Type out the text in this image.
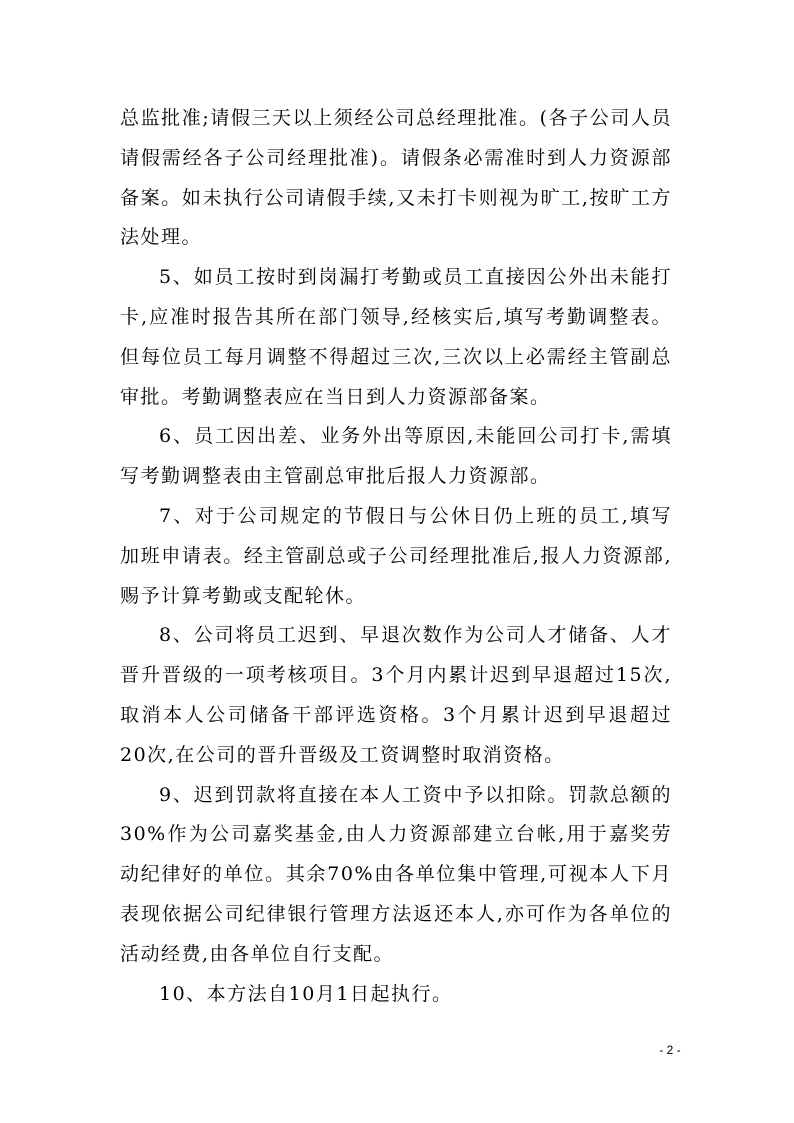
总监批准;请假三天以上须经公司总经理批准。(各子公司人员请假需经各子公司经理批准)。请假条必需准时到人力资源部备案。如未执行公司请假手续,又未打卡则视为旷工,按旷工方法处理。

5、如员工按时到岗漏打考勤或员工直接因公外出未能打卡,应准时报告其所在部门领导,经核实后,填写考勤调整表。但每位员工每月调整不得超过三次,三次以上必需经主管副总审批。考勤调整表应在当日到人力资源部备案。

6、员工因出差、业务外出等原因,未能回公司打卡,需填写考勤调整表由主管副总审批后报人力资源部。

7、对于公司规定的节假日与公休日仍上班的员工,填写加班申请表。经主管副总或子公司经理批准后,报人力资源部,赐予计算考勤或支配轮休。

8、公司将员工迟到、早退次数作为公司人才储备、人才晋升晋级的一项考核项目。3个月内累计迟到早退超过15次,取消本人公司储备干部评选资格。3个月累计迟到早退超过20次,在公司的晋升晋级及工资调整时取消资格。

9、迟到罚款将直接在本人工资中予以扣除。罚款总额的30%作为公司嘉奖基金,由人力资源部建立台帐,用于嘉奖劳动纪律好的单位。其余70%由各单位集中管理,可视本人下月表现依据公司纪律银行管理方法返还本人,亦可作为各单位的活动经费,由各单位自行支配。

10、本方法自10月1日起执行。

- 2 -
